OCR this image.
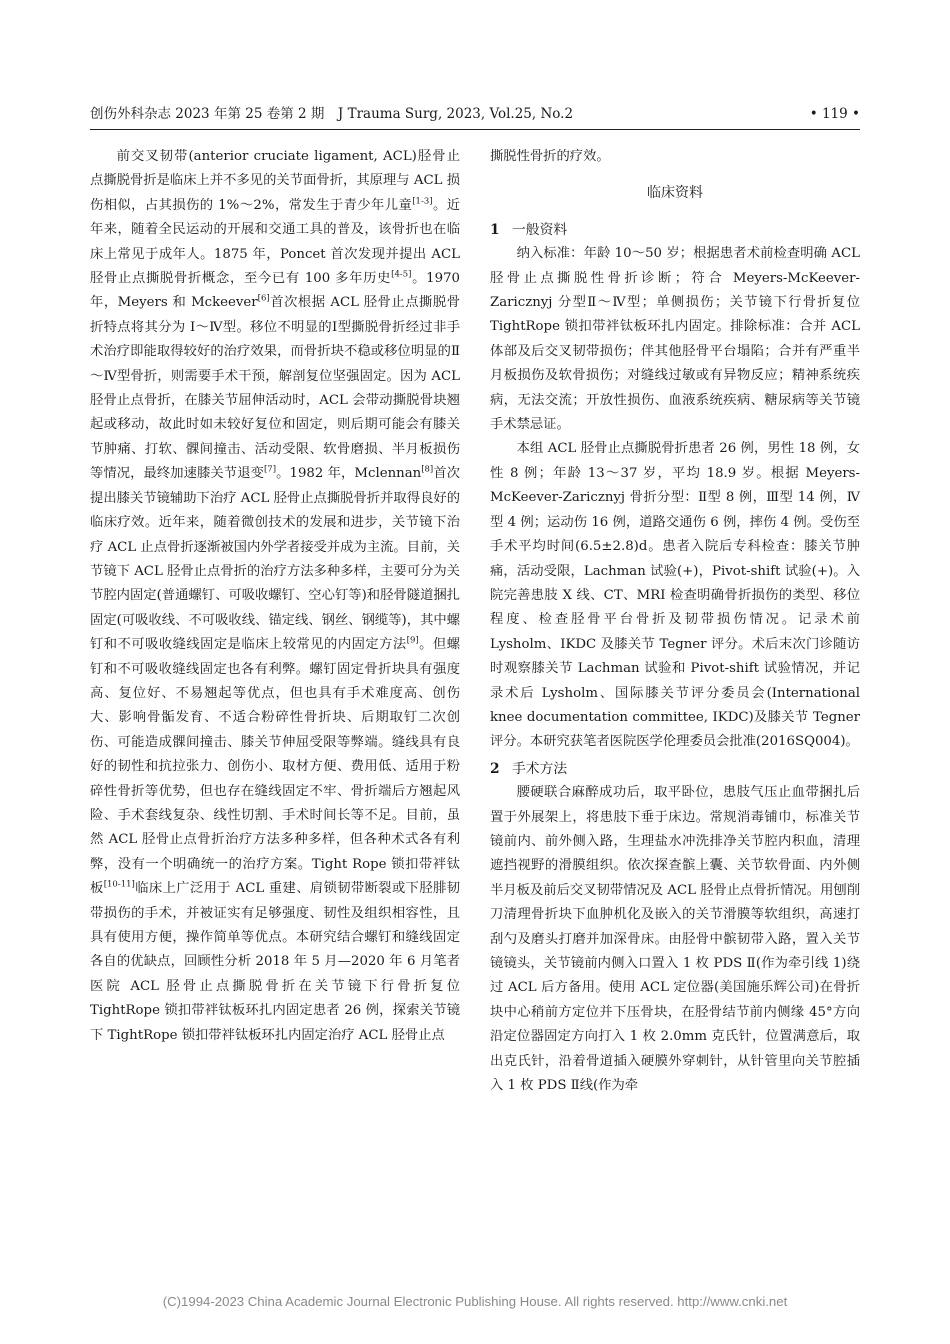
创伤外科杂志 2023 年第 25 卷第 2 期　J Trauma Surg, 2023, Vol.25, No.2	• 119 •

前交叉韧带(anterior cruciate ligament, ACL)胫骨止点撕脱骨折是临床上并不多见的关节面骨折，其原理与 ACL 损伤相似，占其损伤的 1%～2%，常发生于青少年儿童[1-3]。近年来，随着全民运动的开展和交通工具的普及，该骨折也在临床上常见于成年人。1875 年，Poncet 首次发现并提出 ACL 胫骨止点撕脱骨折概念，至今已有 100 多年历史[4-5]。1970 年，Meyers 和 Mckeever[6]首次根据 ACL 胫骨止点撕脱骨折特点将其分为 Ⅰ～Ⅳ型。移位不明显的Ⅰ型撕脱骨折经过非手术治疗即能取得较好的治疗效果，而骨折块不稳或移位明显的Ⅱ～Ⅳ型骨折，则需要手术干预，解剖复位坚强固定。因为 ACL 胫骨止点骨折，在膝关节屈伸活动时，ACL 会带动撕脱骨块翘起或移动，故此时如未较好复位和固定，则后期可能会有膝关节肿痛、打软、髁间撞击、活动受限、软骨磨损、半月板损伤等情况，最终加速膝关节退变[7]。1982 年，Mclennan[8]首次提出膝关节镜辅助下治疗 ACL 胫骨止点撕脱骨折并取得良好的临床疗效。近年来，随着微创技术的发展和进步，关节镜下治疗 ACL 止点骨折逐渐被国内外学者接受并成为主流。目前，关节镜下 ACL 胫骨止点骨折的治疗方法多种多样，主要可分为关节腔内固定(普通螺钉、可吸收螺钉、空心钉等)和胫骨隧道捆扎固定(可吸收线、不可吸收线、锚定线、钢丝、钢缆等)，其中螺钉和不可吸收缝线固定是临床上较常见的内固定方法[9]。但螺钉和不可吸收缝线固定也各有利弊。螺钉固定骨折块具有强度高、复位好、不易翘起等优点，但也具有手术难度高、创伤大、影响骨骺发育、不适合粉碎性骨折块、后期取钉二次创伤、可能造成髁间撞击、膝关节伸屈受限等弊端。缝线具有良好的韧性和抗拉张力、创伤小、取材方便、费用低、适用于粉碎性骨折等优势，但也存在缝线固定不牢、骨折端后方翘起风险、手术套线复杂、线性切割、手术时间长等不足。目前，虽然 ACL 胫骨止点骨折治疗方法多种多样，但各种术式各有利弊，没有一个明确统一的治疗方案。Tight Rope 锁扣带袢钛板[10-11]临床上广泛用于 ACL 重建、肩锁韧带断裂或下胫腓韧带损伤的手术，并被证实有足够强度、韧性及组织相容性，且具有使用方便，操作简单等优点。本研究结合螺钉和缝线固定各自的优缺点，回顾性分析 2018 年 5 月—2020 年 6 月笔者医院 ACL 胫骨止点撕脱骨折在关节镜下行骨折复位 TightRope 锁扣带袢钛板环扎内固定患者 26 例，探索关节镜下 TightRope 锁扣带袢钛板环扎内固定治疗 ACL 胫骨止点

撕脱性骨折的疗效。

临床资料
1 一般资料

纳入标准：年龄 10～50 岁；根据患者术前检查明确 ACL 胫骨止点撕脱性骨折诊断；符合 Meyers-McKeever-Zaricznyj 分型Ⅱ～Ⅳ型；单侧损伤；关节镜下行骨折复位 TightRope 锁扣带袢钛板环扎内固定。排除标准：合并 ACL 体部及后交叉韧带损伤；伴其他胫骨平台塌陷；合并有严重半月板损伤及软骨损伤；对缝线过敏或有异物反应；精神系统疾病，无法交流；开放性损伤、血液系统疾病、糖尿病等关节镜手术禁忌证。

本组 ACL 胫骨止点撕脱骨折患者 26 例，男性 18 例，女性 8 例；年龄 13～37 岁，平均 18.9 岁。根据 Meyers-McKeever-Zaricznyj 骨折分型：Ⅱ型 8 例，Ⅲ型 14 例，Ⅳ型 4 例；运动伤 16 例，道路交通伤 6 例，摔伤 4 例。受伤至手术平均时间(6.5±2.8)d。患者入院后专科检查：膝关节肿痛，活动受限，Lachman 试验(+)，Pivot-shift 试验(+)。入院完善患肢 X 线、CT、MRI 检查明确骨折损伤的类型、移位程度、检查胫骨平台骨折及韧带损伤情况。记录术前 Lysholm、IKDC 及膝关节 Tegner 评分。术后末次门诊随访时观察膝关节 Lachman 试验和 Pivot-shift 试验情况，并记录术后 Lysholm、国际膝关节评分委员会(International knee documentation committee, IKDC)及膝关节 Tegner 评分。本研究获笔者医院医学伦理委员会批准(2016SQ004)。

2 手术方法

腰硬联合麻醉成功后，取平卧位，患肢气压止血带捆扎后置于外展架上，将患肢下垂于床边。常规消毒铺巾，标准关节镜前内、前外侧入路，生理盐水冲洗排净关节腔内积血，清理遮挡视野的滑膜组织。依次探查髌上囊、关节软骨面、内外侧半月板及前后交叉韧带情况及 ACL 胫骨止点骨折情况。用刨削刀清理骨折块下血肿机化及嵌入的关节滑膜等软组织，高速打刮勺及磨头打磨并加深骨床。由胫骨中髌韧带入路，置入关节镜镜头，关节镜前内侧入口置入 1 枚 PDS Ⅱ(作为牵引线 1)绕过 ACL 后方备用。使用 ACL 定位器(美国施乐辉公司)在骨折块中心稍前方定位并下压骨块，在胫骨结节前内侧缘 45°方向沿定位器固定方向打入 1 枚 2.0mm 克氏针，位置满意后，取出克氏针，沿着骨道插入硬膜外穿刺针，从针管里向关节腔插入 1 枚 PDS Ⅱ线(作为牵

(C)1994-2023 China Academic Journal Electronic Publishing House. All rights reserved. http://www.cnki.net
